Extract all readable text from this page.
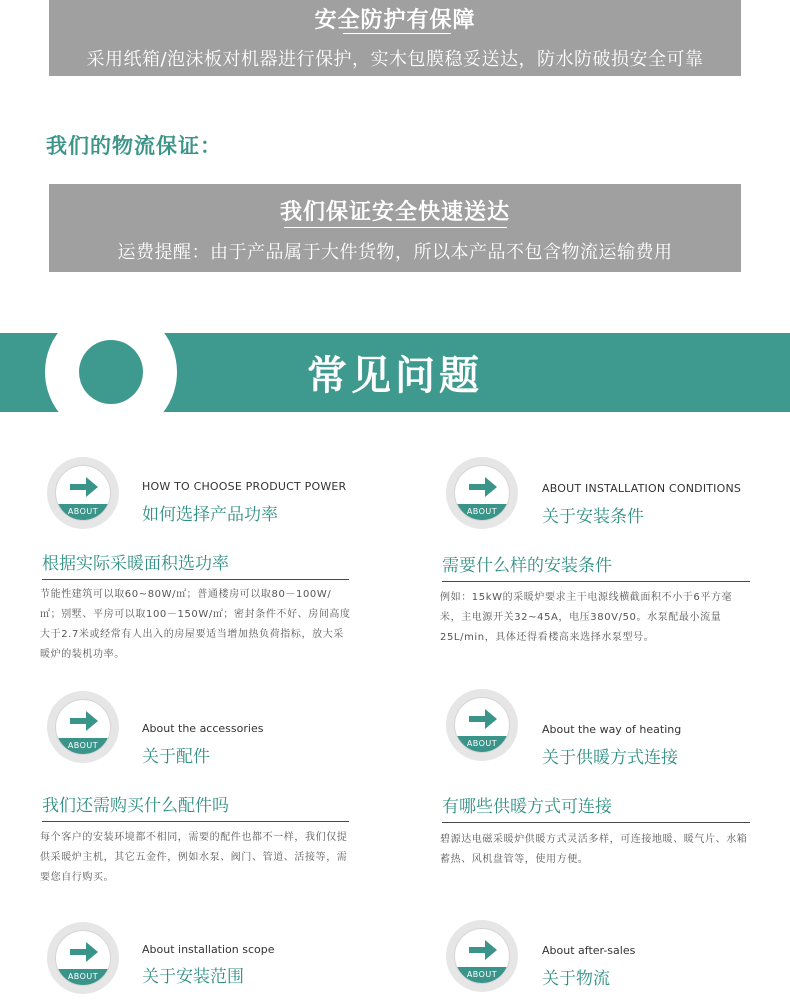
安全防护有保障
采用纸箱/泡沫板对机器进行保护，实木包膜稳妥送达，防水防破损安全可靠
我们的物流保证：
我们保证安全快速送达
运费提醒：由于产品属于大件货物，所以本产品不包含物流运输费用
常见问题
ABOUT
HOW TO CHOOSE PRODUCT POWER
如何选择产品功率
根据实际采暖面积选功率
节能性建筑可以取60~80W/㎡；普通楼房可以取80－100W/㎡；别墅、平房可以取100－150W/㎡；密封条件不好、房间高度大于2.7米或经常有人出入的房屋要适当增加热负荷指标，放大采暖炉的装机功率。
ABOUT
ABOUT INSTALLATION CONDITIONS
关于安装条件
需要什么样的安装条件
例如：15kW的采暖炉要求主干电源线横截面积不小于6平方毫米，主电源开关32~45A，电压380V/50。水泵配最小流量25L/min，具体还得看楼高来选择水泵型号。
ABOUT
About the accessories
关于配件
我们还需购买什么配件吗
每个客户的安装环境都不相同，需要的配件也都不一样，我们仅提供采暖炉主机，其它五金件，例如水泵、阀门、管道、活接等，需要您自行购买。
ABOUT
About the way of heating
关于供暖方式连接
有哪些供暖方式可连接
碧源达电磁采暖炉供暖方式灵活多样，可连接地暖、暖气片、水箱蓄热、风机盘管等，使用方便。
ABOUT
About installation scope
关于安装范围	ABOUT
About after-sales
关于物流
